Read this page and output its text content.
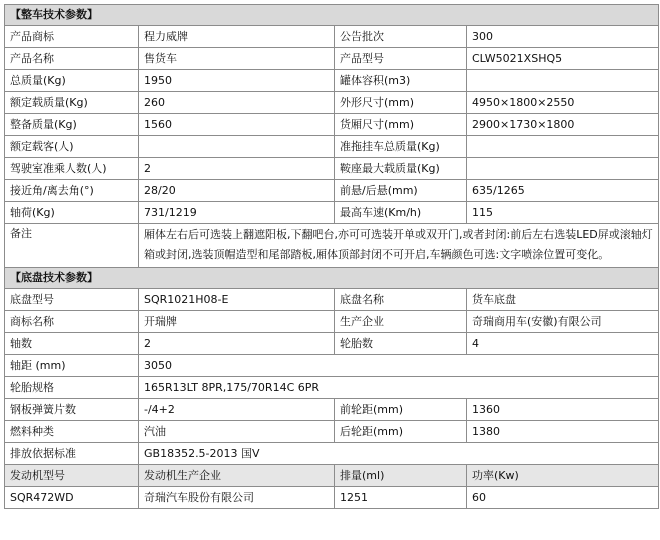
【整车技术参数】			
产品商标	程力威牌	公告批次	300
产品名称	售货车	产品型号	CLW5021XSHQ5
总质量(Kg)	1950	罐体容积(m3)	
额定载质量(Kg)	260	外形尺寸(mm)	4950×1800×2550
整备质量(Kg)	1560	货厢尺寸(mm)	2900×1730×1800
额定载客(人)		准拖挂车总质量(Kg)	
驾驶室准乘人数(人)	2	鞍座最大载质量(Kg)	
接近角/离去角(°)	28/20	前悬/后悬(mm)	635/1265
轴荷(Kg)	731/1219	最高车速(Km/h)	115
备注	厢体左右后可选装上翻遮阳板,下翻吧台,亦可可选装开单或双开门,或者封闭:前后左右选装LED屏或滚轴灯箱或封闭,选装顶帽造型和尾部踏板,厢体顶部封闭不可开启,车辆颜色可选:文字喷涂位置可变化。		
【底盘技术参数】			
底盘型号	SQR1021H08-E	底盘名称	货车底盘
商标名称	开瑞牌	生产企业	奇瑞商用车(安徽)有限公司
轴数	2	轮胎数	4
轴距 (mm)	3050		
轮胎规格	165R13LT 8PR,175/70R14C 6PR		
钢板弹簧片数	-/4+2	前轮距(mm)	1360
燃料种类	汽油	后轮距(mm)	1380
排放依据标准	GB18352.5-2013 国V		
发动机型号	发动机生产企业	排量(ml)	功率(Kw)
SQR472WD	奇瑞汽车股份有限公司	1251	60
